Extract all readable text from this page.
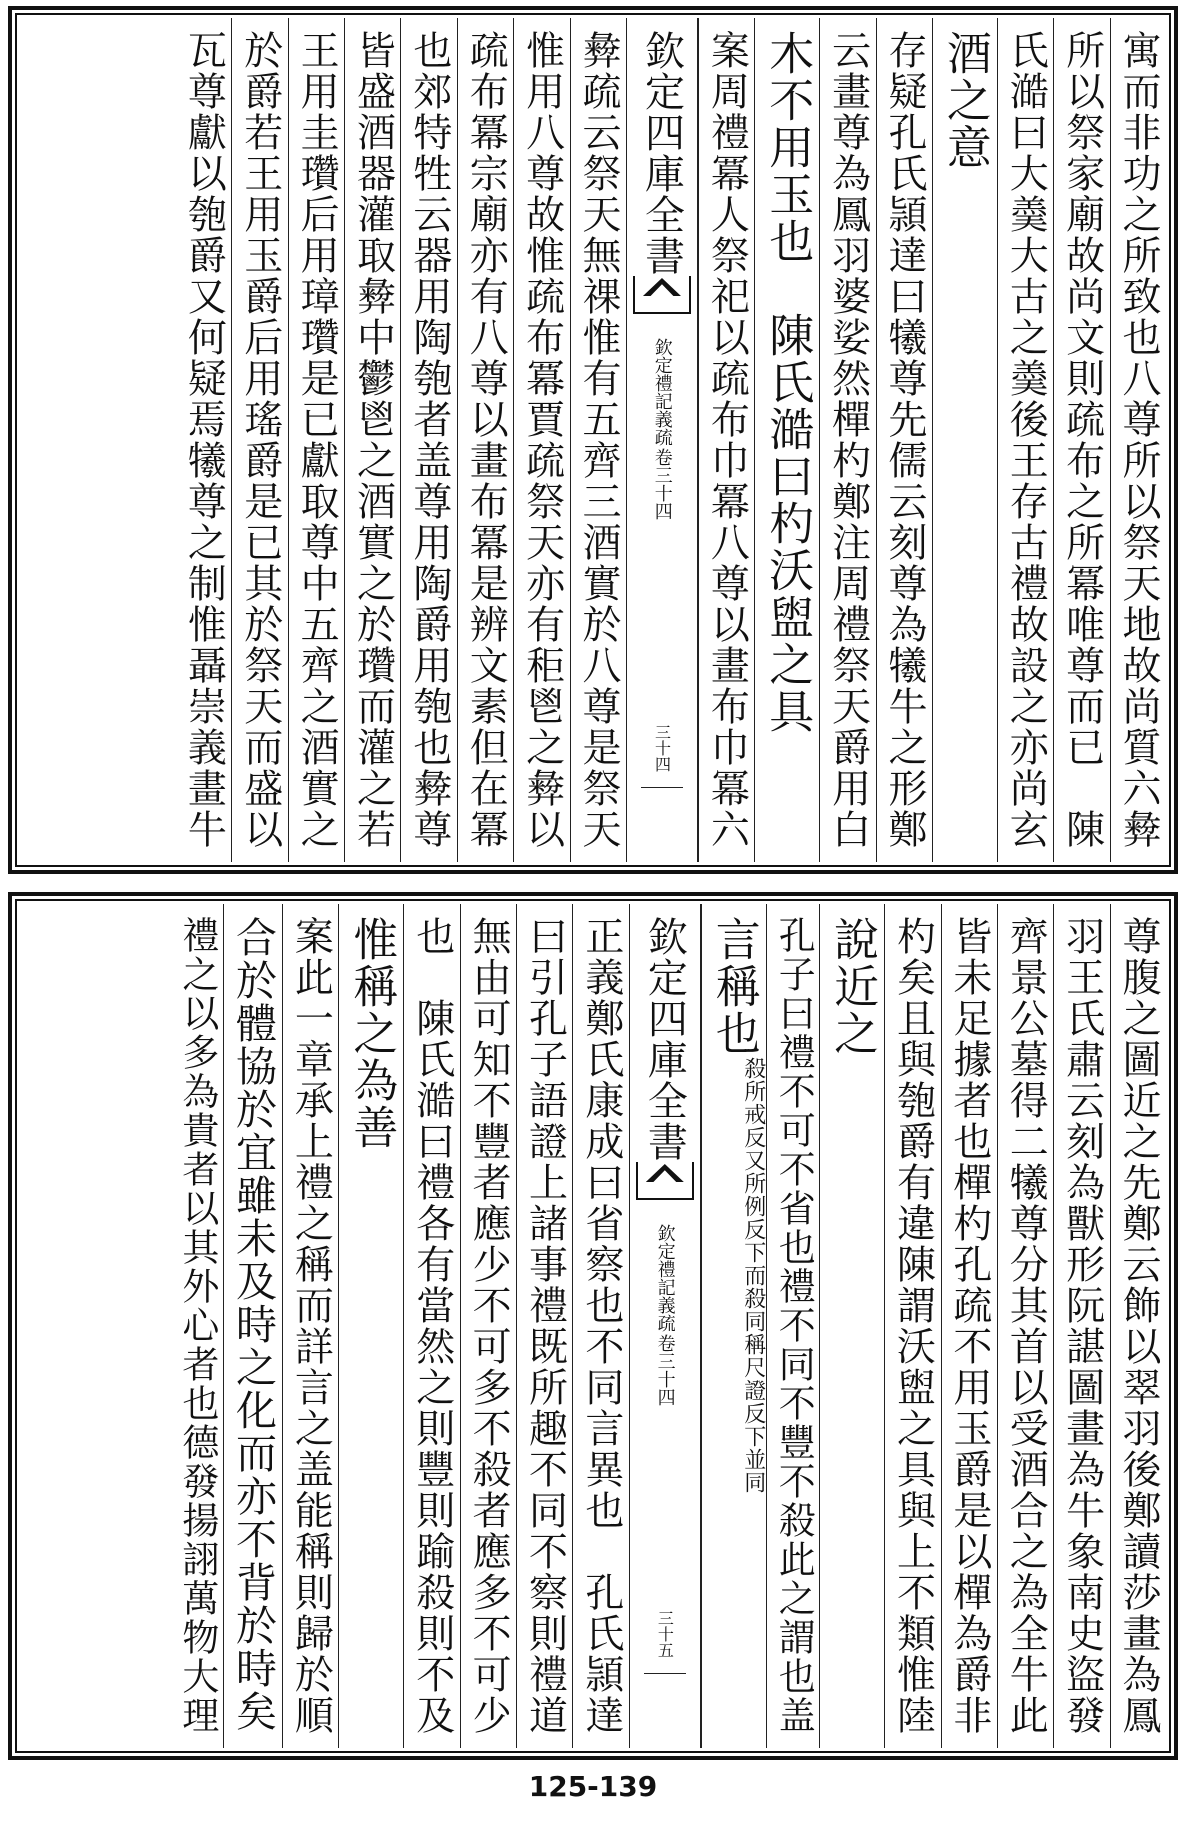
寓而非功之所致也八尊所以祭天地故尚質六彜
所以祭家廟故尚文則疏布之所冪唯尊而已　陳
氏澔曰大羮大古之羮後王存古禮故設之亦尚玄
酒之意
存疑孔氏頴達曰犧尊先儒云刻尊為犧牛之形鄭
云畫尊為鳳羽婆娑然樿杓鄭注周禮祭天爵用白
木不用玉也　陳氏澔曰杓沃盥之具
案周禮冪人祭祀以疏布巾冪八尊以畫布巾冪六
欽定四庫全書
欽定禮記義疏
卷三十四
三十四
彜疏云祭天無祼惟有五齊三酒實於八尊是祭天
惟用八尊故惟疏布冪賈疏祭天亦有秬鬯之彜以
疏布冪宗廟亦有八尊以畫布冪是辨文素但在冪
也郊特牲云器用陶匏者盖尊用陶爵用匏也彜尊
皆盛酒器灌取彜中鬱鬯之酒實之於瓚而灌之若
王用圭瓚后用璋瓚是已獻取尊中五齊之酒實之
於爵若王用玉爵后用瑤爵是已其於祭天而盛以
瓦尊獻以匏爵又何疑焉犧尊之制惟聶崇義畫牛
尊腹之圖近之先鄭云飾以翠羽後鄭讀莎畫為鳳
羽王氏肅云刻為獸形阮諶圖畫為牛象南史盜發
齊景公墓得二犧尊分其首以受酒合之為全牛此
皆未足據者也樿杓孔疏不用玉爵是以樿為爵非
杓矣且與匏爵有違陳謂沃盥之具與上不類惟陸
說近之
孔子曰禮不可不省也禮不同不豐不殺此之謂也盖
言稱也
殺所戒反又所例反下而
殺同稱尺證反下並同
欽定四庫全書
欽定禮記義疏
卷三十四
三十五
正義鄭氏康成曰省察也不同言異也　孔氏頴達
曰引孔子語證上諸事禮既所趣不同不察則禮道
無由可知不豐者應少不可多不殺者應多不可少
也　陳氏澔曰禮各有當然之則豐則踰殺則不及
惟稱之為善
案此一章承上禮之稱而詳言之盖能稱則歸於順
合於體協於宜雖未及時之化而亦不背於時矣
禮之以多為貴者以其外心者也德發揚詡萬物大理
125-139
